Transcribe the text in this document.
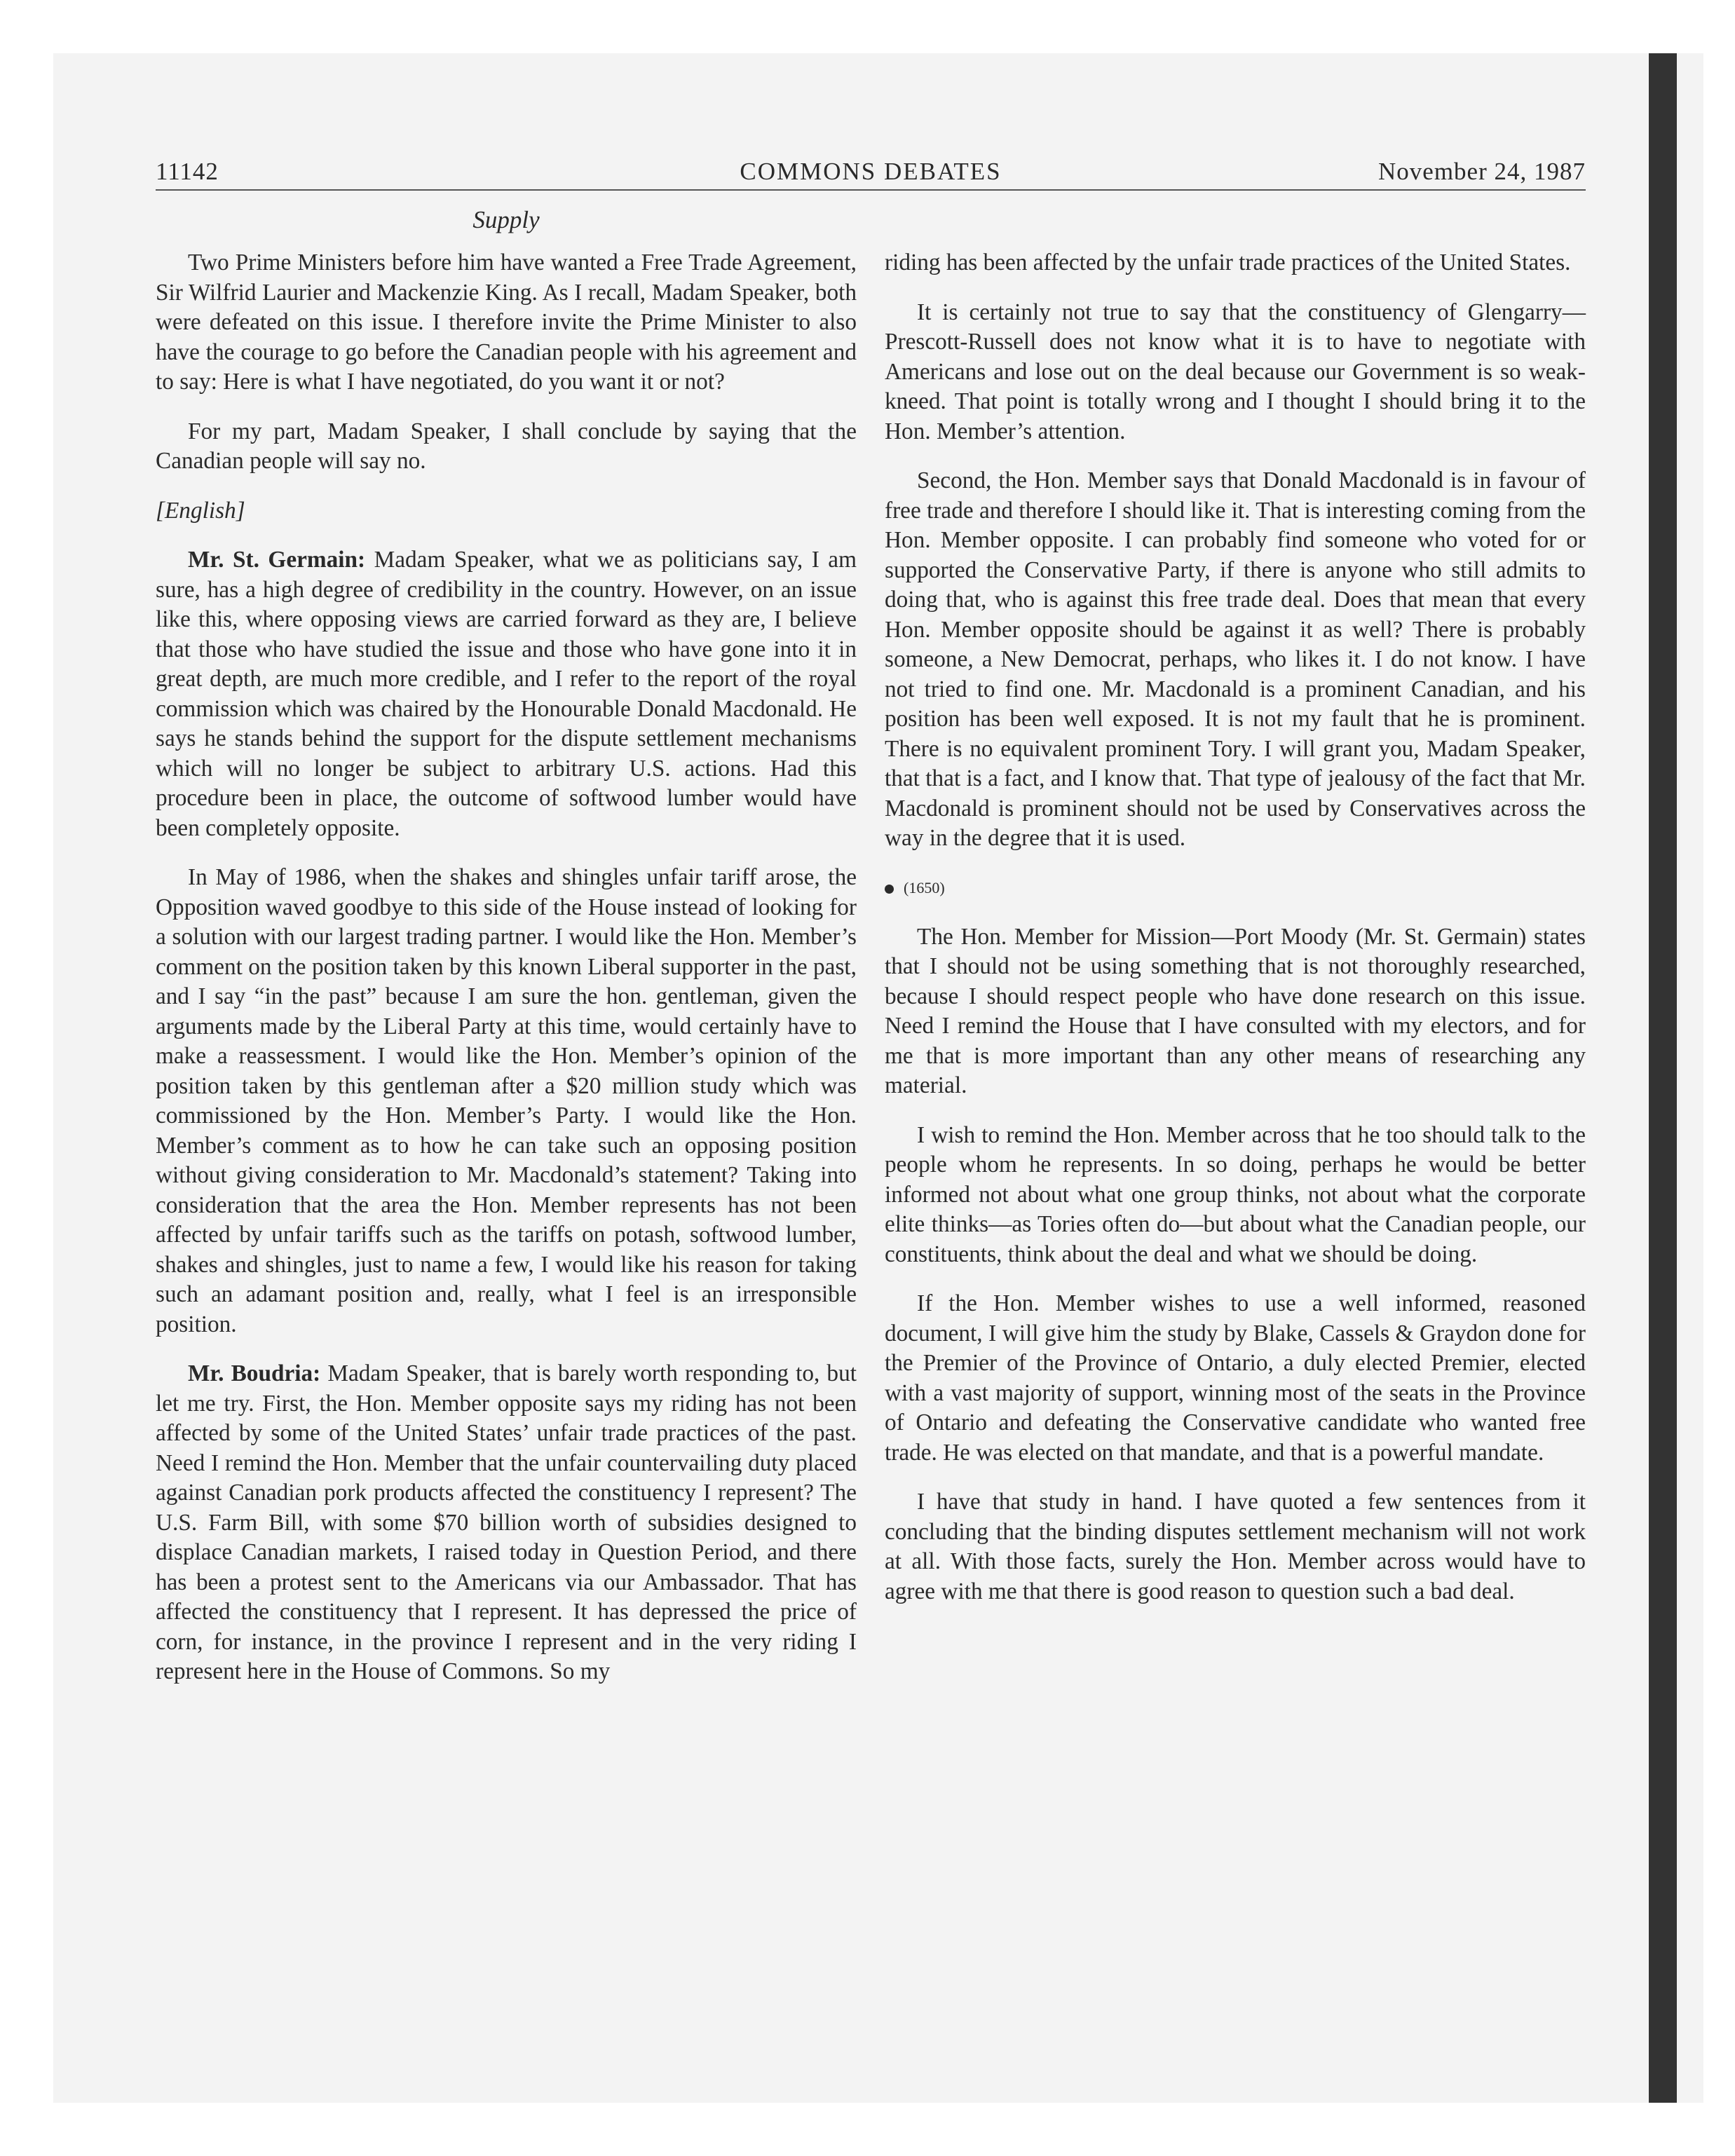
11142	COMMONS DEBATES	November 24, 1987
Supply

Two Prime Ministers before him have wanted a Free Trade Agreement, Sir Wilfrid Laurier and Mackenzie King. As I recall, Madam Speaker, both were defeated on this issue. I therefore invite the Prime Minister to also have the courage to go before the Canadian people with his agreement and to say: Here is what I have negotiated, do you want it or not?

For my part, Madam Speaker, I shall conclude by saying that the Canadian people will say no.

[English]

Mr. St. Germain: Madam Speaker, what we as politicians say, I am sure, has a high degree of credibility in the country. However, on an issue like this, where opposing views are carried forward as they are, I believe that those who have studied the issue and those who have gone into it in great depth, are much more credible, and I refer to the report of the royal commission which was chaired by the Honourable Donald Macdonald. He says he stands behind the support for the dispute settlement mechanisms which will no longer be subject to arbitrary U.S. actions. Had this procedure been in place, the outcome of softwood lumber would have been completely opposite.

In May of 1986, when the shakes and shingles unfair tariff arose, the Opposition waved goodbye to this side of the House instead of looking for a solution with our largest trading partner. I would like the Hon. Member’s comment on the position taken by this known Liberal supporter in the past, and I say “in the past” because I am sure the hon. gentleman, given the arguments made by the Liberal Party at this time, would certainly have to make a reassessment. I would like the Hon. Member’s opinion of the position taken by this gentleman after a $20 million study which was commissioned by the Hon. Member’s Party. I would like the Hon. Member’s comment as to how he can take such an opposing position without giving consideration to Mr. Macdonald’s statement? Taking into consideration that the area the Hon. Member represents has not been affected by unfair tariffs such as the tariffs on potash, softwood lumber, shakes and shingles, just to name a few, I would like his reason for taking such an adamant position and, really, what I feel is an irresponsible position.

Mr. Boudria: Madam Speaker, that is barely worth responding to, but let me try. First, the Hon. Member opposite says my riding has not been affected by some of the United States’ unfair trade practices of the past. Need I remind the Hon. Member that the unfair countervailing duty placed against Canadian pork products affected the constituency I represent? The U.S. Farm Bill, with some $70 billion worth of subsidies designed to displace Canadian markets, I raised today in Question Period, and there has been a protest sent to the Americans via our Ambassador. That has affected the constituency that I represent. It has depressed the price of corn, for instance, in the province I represent and in the very riding I represent here in the House of Commons. So my

riding has been affected by the unfair trade practices of the United States.

It is certainly not true to say that the constituency of Glengarry—Prescott-Russell does not know what it is to have to negotiate with Americans and lose out on the deal because our Government is so weak-kneed. That point is totally wrong and I thought I should bring it to the Hon. Member’s attention.

Second, the Hon. Member says that Donald Macdonald is in favour of free trade and therefore I should like it. That is interesting coming from the Hon. Member opposite. I can probably find someone who voted for or supported the Conservative Party, if there is anyone who still admits to doing that, who is against this free trade deal. Does that mean that every Hon. Member opposite should be against it as well? There is probably someone, a New Democrat, perhaps, who likes it. I do not know. I have not tried to find one. Mr. Macdonald is a prominent Canadian, and his position has been well exposed. It is not my fault that he is prominent. There is no equivalent prominent Tory. I will grant you, Madam Speaker, that that is a fact, and I know that. That type of jealousy of the fact that Mr. Macdonald is prominent should not be used by Conservatives across the way in the degree that it is used.

(1650)

The Hon. Member for Mission—Port Moody (Mr. St. Germain) states that I should not be using something that is not thoroughly researched, because I should respect people who have done research on this issue. Need I remind the House that I have consulted with my electors, and for me that is more important than any other means of researching any material.

I wish to remind the Hon. Member across that he too should talk to the people whom he represents. In so doing, perhaps he would be better informed not about what one group thinks, not about what the corporate elite thinks—as Tories often do—but about what the Canadian people, our constituents, think about the deal and what we should be doing.

If the Hon. Member wishes to use a well informed, reasoned document, I will give him the study by Blake, Cassels & Graydon done for the Premier of the Province of Ontario, a duly elected Premier, elected with a vast majority of support, winning most of the seats in the Province of Ontario and defeating the Conservative candidate who wanted free trade. He was elected on that mandate, and that is a powerful mandate.

I have that study in hand. I have quoted a few sentences from it concluding that the binding disputes settlement mechanism will not work at all. With those facts, surely the Hon. Member across would have to agree with me that there is good reason to question such a bad deal.
